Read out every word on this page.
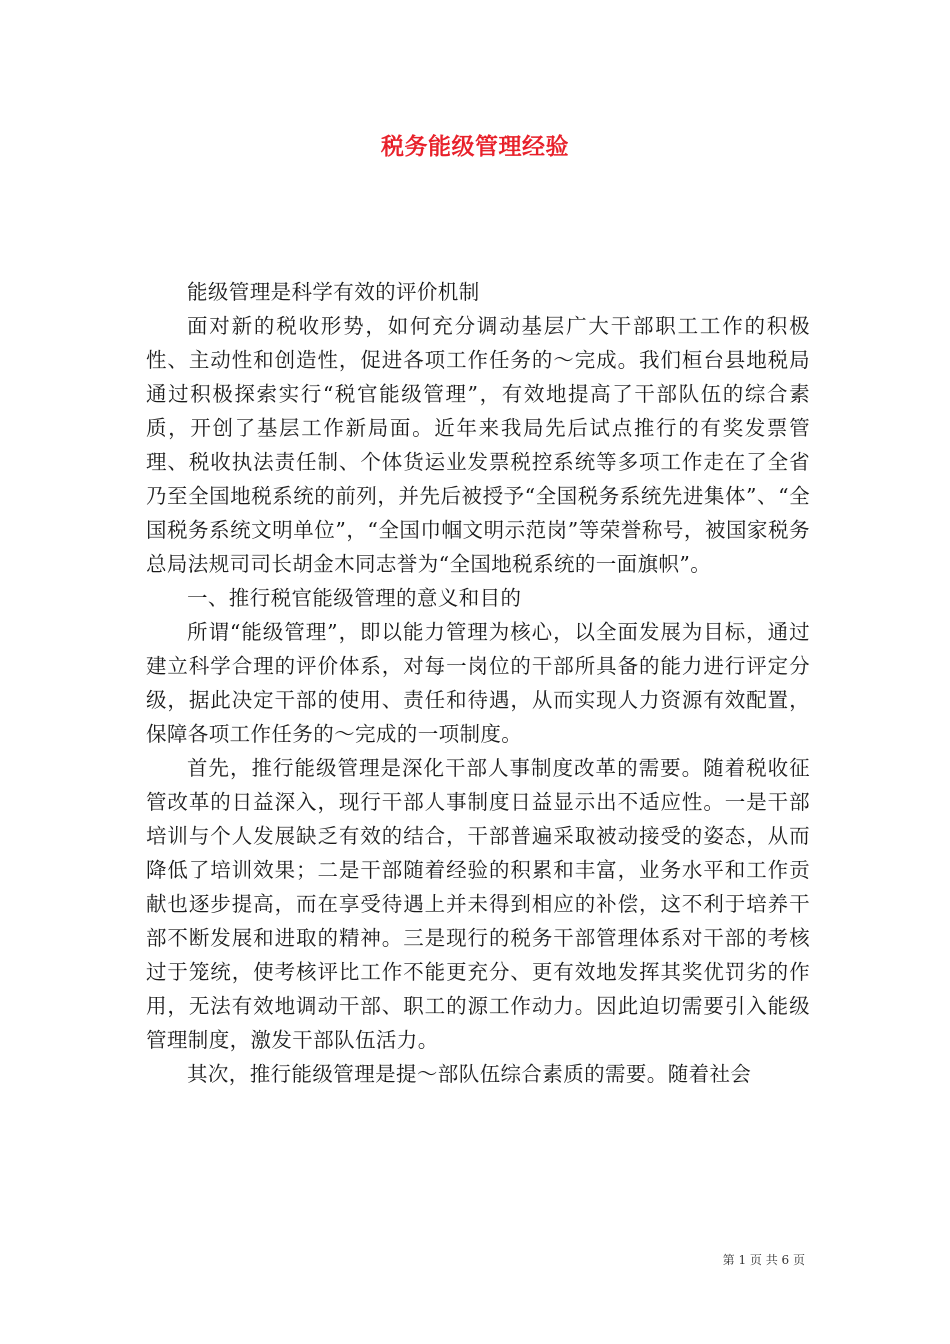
税务能级管理经验

能级管理是科学有效的评价机制

面对新的税收形势，如何充分调动基层广大干部职工工作的积极性、主动性和创造性，促进各项工作任务的～完成。我们桓台县地税局通过积极探索实行“税官能级管理”，有效地提高了干部队伍的综合素质，开创了基层工作新局面。近年来我局先后试点推行的有奖发票管理、税收执法责任制、个体货运业发票税控系统等多项工作走在了全省乃至全国地税系统的前列，并先后被授予“全国税务系统先进集体”、“全国税务系统文明单位”，“全国巾帼文明示范岗”等荣誉称号，被国家税务总局法规司司长胡金木同志誉为“全国地税系统的一面旗帜”。

一、推行税官能级管理的意义和目的

所谓“能级管理”，即以能力管理为核心，以全面发展为目标，通过建立科学合理的评价体系，对每一岗位的干部所具备的能力进行评定分级，据此决定干部的使用、责任和待遇，从而实现人力资源有效配置，保障各项工作任务的～完成的一项制度。

首先，推行能级管理是深化干部人事制度改革的需要。随着税收征管改革的日益深入，现行干部人事制度日益显示出不适应性。一是干部培训与个人发展缺乏有效的结合，干部普遍采取被动接受的姿态，从而降低了培训效果；二是干部随着经验的积累和丰富，业务水平和工作贡献也逐步提高，而在享受待遇上并未得到相应的补偿，这不利于培养干部不断发展和进取的精神。三是现行的税务干部管理体系对干部的考核过于笼统，使考核评比工作不能更充分、更有效地发挥其奖优罚劣的作用，无法有效地调动干部、职工的源工作动力。因此迫切需要引入能级管理制度，激发干部队伍活力。

其次，推行能级管理是提～部队伍综合素质的需要。随着社会

第 1 页 共 6 页
